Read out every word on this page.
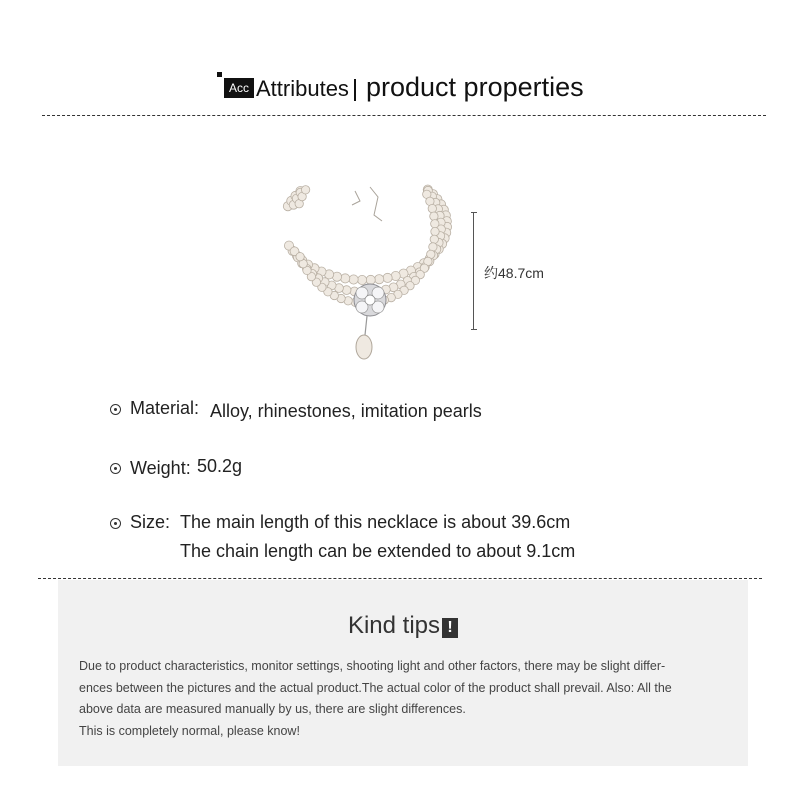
Acc Attributes product properties
约48.7cm
Material: Alloy, rhinestones, imitation pearls
Weight: 50.2g
Size: The main length of this necklace is about 39.6cm
The chain length can be extended to about 9.1cm
Kind tips !

Due to product characteristics, monitor settings, shooting light and other factors, there may be slight differ-

ences between the pictures and the actual product.The actual color of the product shall prevail. Also: All the

above data are measured manually by us, there are slight differences.

This is completely normal, please know!
